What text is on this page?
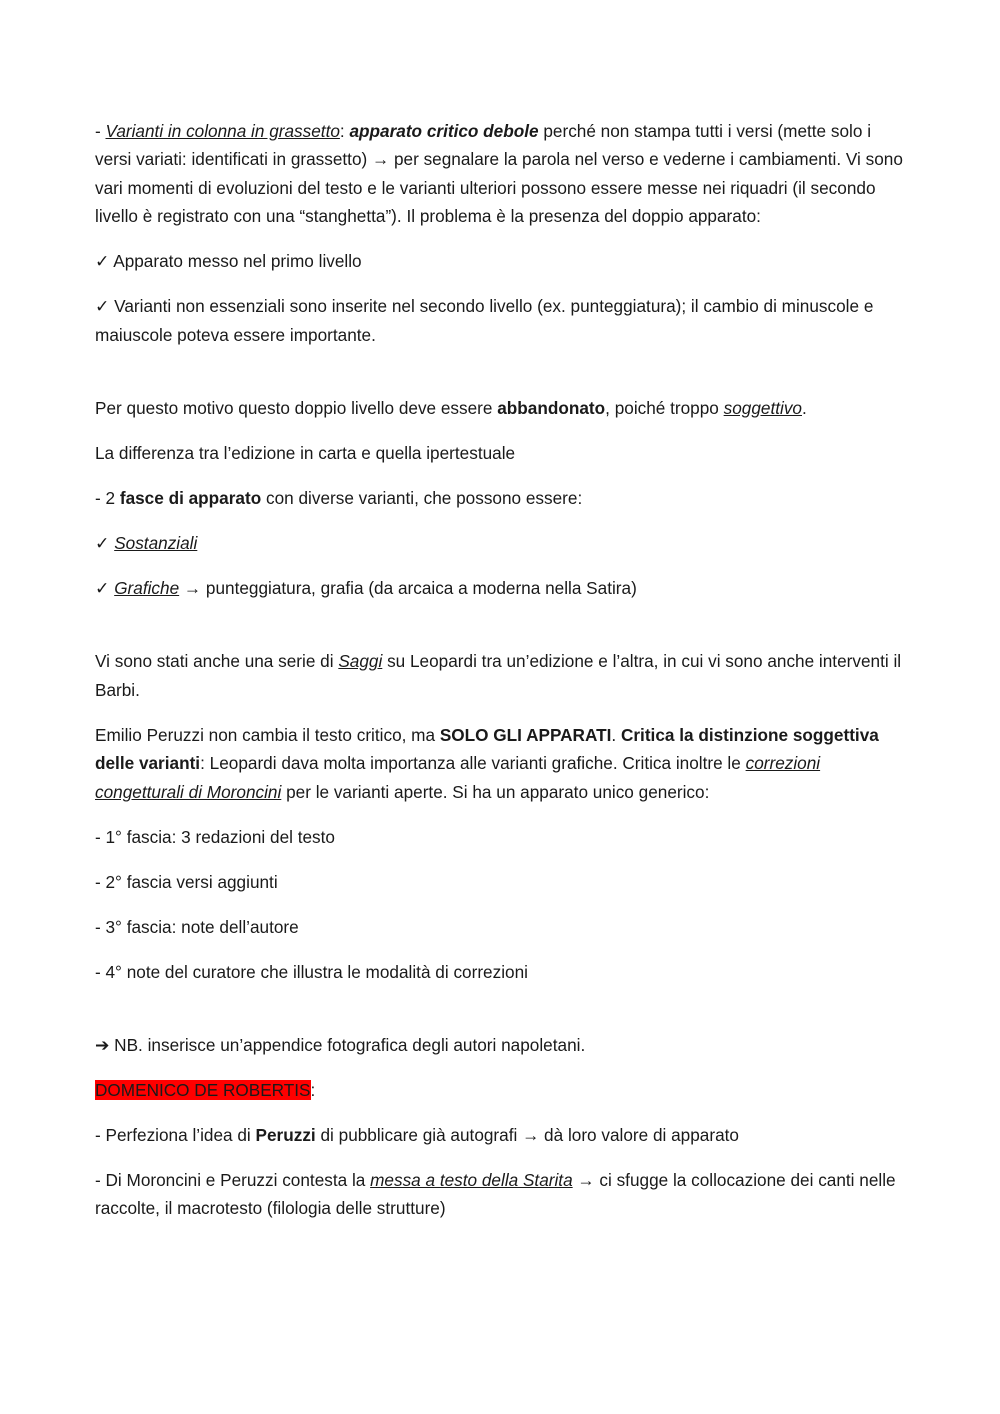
- Varianti in colonna in grassetto: apparato critico debole perché non stampa tutti i versi (mette solo i versi variati: identificati in grassetto) → per segnalare la parola nel verso e vederne i cambiamenti. Vi sono vari momenti di evoluzioni del testo e le varianti ulteriori possono essere messe nei riquadri (il secondo livello è registrato con una “stanghetta”). Il problema è la presenza del doppio apparato:

✓ Apparato messo nel primo livello

✓ Varianti non essenziali sono inserite nel secondo livello (ex. punteggiatura); il cambio di minuscole e maiuscole poteva essere importante.

Per questo motivo questo doppio livello deve essere abbandonato, poiché troppo soggettivo.

La differenza tra l’edizione in carta e quella ipertestuale

- 2 fasce di apparato con diverse varianti, che possono essere:

✓ Sostanziali

✓ Grafiche → punteggiatura, grafia (da arcaica a moderna nella Satira)

Vi sono stati anche una serie di Saggi su Leopardi tra un’edizione e l’altra, in cui vi sono anche interventi il Barbi.

Emilio Peruzzi non cambia il testo critico, ma SOLO GLI APPARATI. Critica la distinzione soggettiva delle varianti: Leopardi dava molta importanza alle varianti grafiche. Critica inoltre le correzioni congetturali di Moroncini per le varianti aperte. Si ha un apparato unico generico:

- 1° fascia: 3 redazioni del testo

- 2° fascia versi aggiunti

- 3° fascia: note dell’autore

- 4° note del curatore che illustra le modalità di correzioni

➔ NB. inserisce un’appendice fotografica degli autori napoletani.

DOMENICO DE ROBERTIS:

- Perfeziona l’idea di Peruzzi di pubblicare già autografi → dà loro valore di apparato

- Di Moroncini e Peruzzi contesta la messa a testo della Starita → ci sfugge la collocazione dei canti nelle raccolte, il macrotesto (filologia delle strutture)
